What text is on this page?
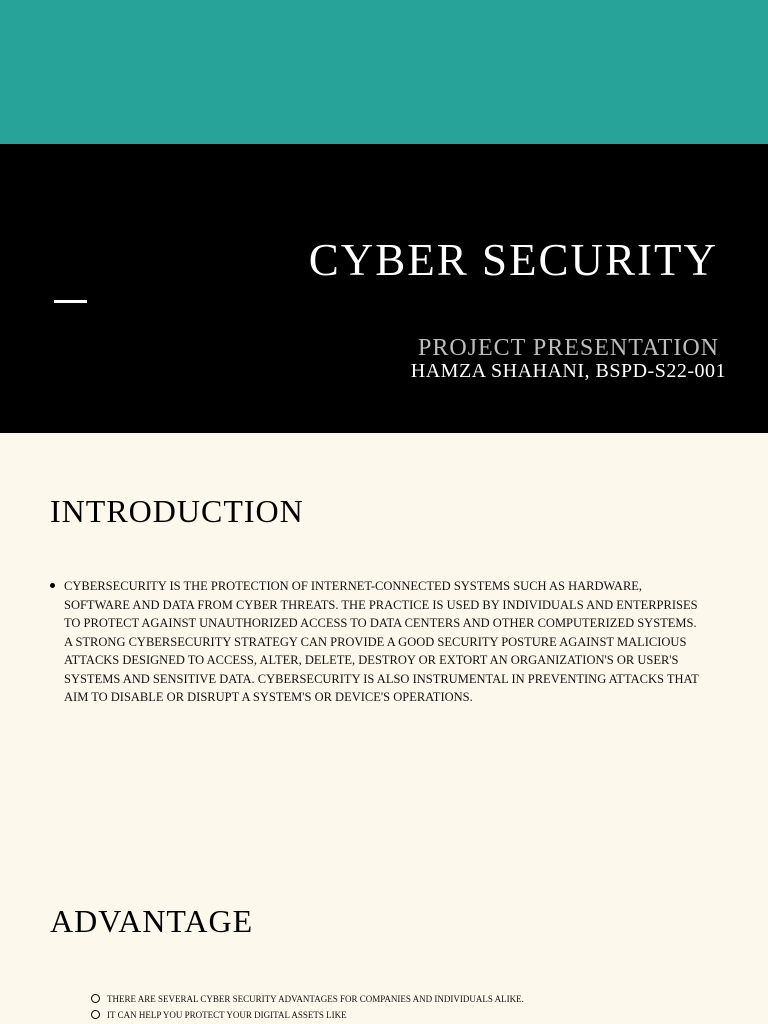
CYBER SECURITY

PROJECT PRESENTATION

HAMZA SHAHANI, BSPD-S22-001

INTRODUCTION
CYBERSECURITY IS THE PROTECTION OF INTERNET-CONNECTED SYSTEMS SUCH AS HARDWARE, SOFTWARE AND DATA FROM CYBER THREATS. THE PRACTICE IS USED BY INDIVIDUALS AND ENTERPRISES TO PROTECT AGAINST UNAUTHORIZED ACCESS TO DATA CENTERS AND OTHER COMPUTERIZED SYSTEMS. A STRONG CYBERSECURITY STRATEGY CAN PROVIDE A GOOD SECURITY POSTURE AGAINST MALICIOUS ATTACKS DESIGNED TO ACCESS, ALTER, DELETE, DESTROY OR EXTORT AN ORGANIZATION'S OR USER'S SYSTEMS AND SENSITIVE DATA. CYBERSECURITY IS ALSO INSTRUMENTAL IN PREVENTING ATTACKS THAT AIM TO DISABLE OR DISRUPT A SYSTEM'S OR DEVICE'S OPERATIONS.
ADVANTAGE
THERE ARE SEVERAL CYBER SECURITY ADVANTAGES FOR COMPANIES AND INDIVIDUALS ALIKE.
IT CAN HELP YOU PROTECT YOUR DIGITAL ASSETS LIKE
